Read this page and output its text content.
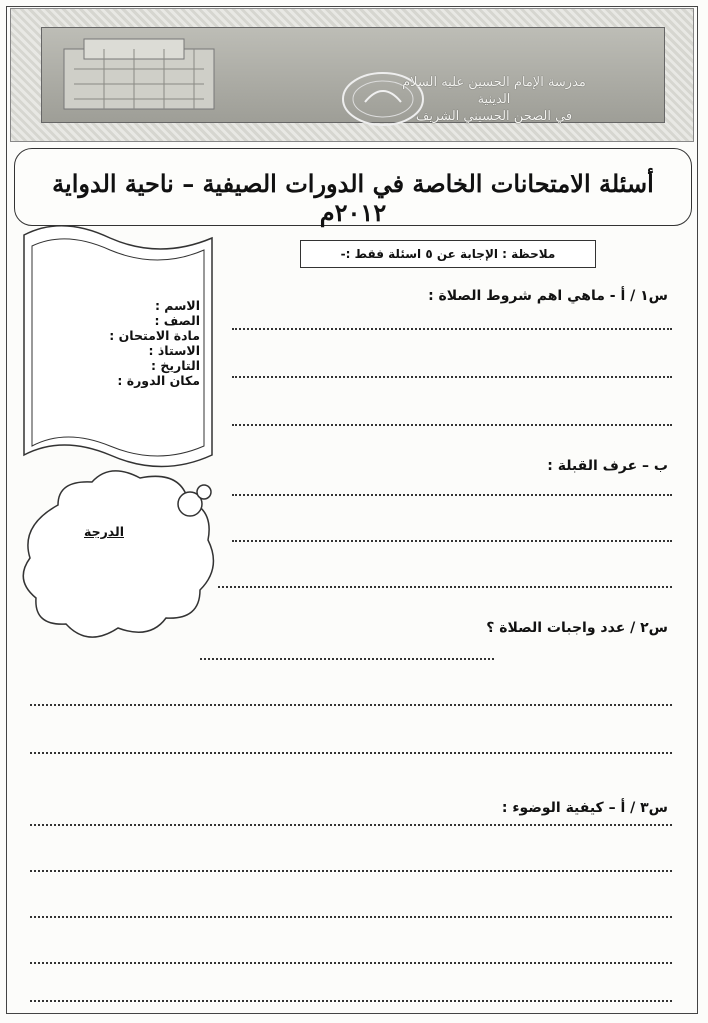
مدرسة الإمام الحسين عليه السلام الدينية
في الصحن الحسيني الشريف
أسئلة الامتحانات الخاصة في الدورات الصيفية – ناحية الدواية ٢٠١٢م
الاسم :
الصف :
مادة الامتحان :
الاستاذ :
التاريخ :
مكان الدورة :
الدرجة
ملاحظة : الإجابة عن ٥ اسئلة فقط :-
س١ / أ - ماهي اهم شروط الصلاة :
ب – عرف القبلة :
س٢ / عدد واجبات الصلاة ؟
س٣ / أ – كيفية الوضوء :
